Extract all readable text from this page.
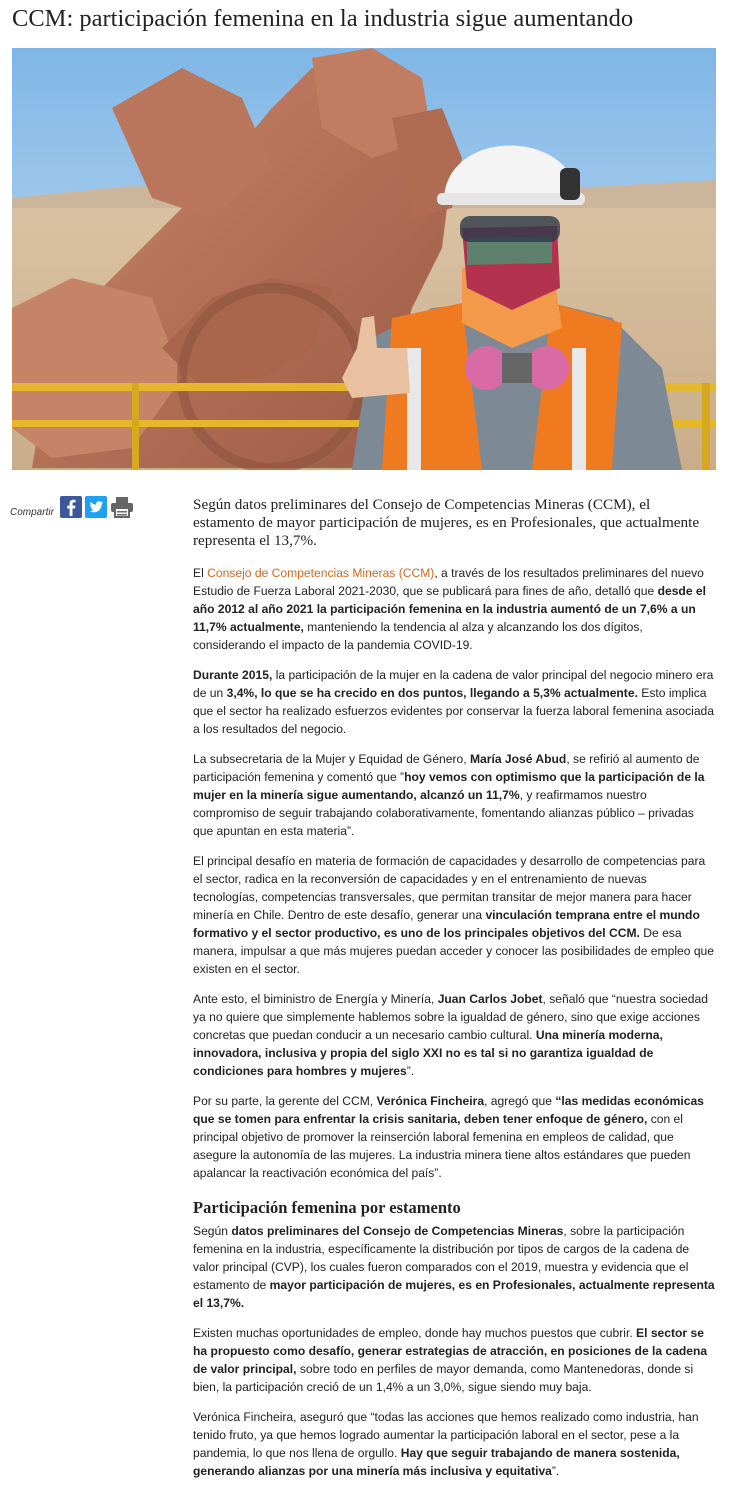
CCM: participación femenina en la industria sigue aumentando
Compartir	Según datos preliminares del Consejo de Competencias Mineras (CCM), el estamento de mayor participación de mujeres, es en Profesionales, que actualmente representa el 13,7%.

El Consejo de Competencias Mineras (CCM), a través de los resultados preliminares del nuevo Estudio de Fuerza Laboral 2021-2030, que se publicará para fines de año, detalló que desde el año 2012 al año 2021 la participación femenina en la industria aumentó de un 7,6% a un 11,7% actualmente, manteniendo la tendencia al alza y alcanzando los dos dígitos, considerando el impacto de la pandemia COVID-19.

Durante 2015, la participación de la mujer en la cadena de valor principal del negocio minero era de un 3,4%, lo que se ha crecido en dos puntos, llegando a 5,3% actualmente. Esto implica que el sector ha realizado esfuerzos evidentes por conservar la fuerza laboral femenina asociada a los resultados del negocio.

La subsecretaria de la Mujer y Equidad de Género, María José Abud, se refirió al aumento de participación femenina y comentó que ”hoy vemos con optimismo que la participación de la mujer en la minería sigue aumentando, alcanzó un 11,7%, y reafirmamos nuestro compromiso de seguir trabajando colaborativamente, fomentando alianzas público – privadas que apuntan en esta materia”.

El principal desafío en materia de formación de capacidades y desarrollo de competencias para el sector, radica en la reconversión de capacidades y en el entrenamiento de nuevas tecnologías, competencias transversales, que permitan transitar de mejor manera para hacer minería en Chile. Dentro de este desafío, generar una vinculación temprana entre el mundo formativo y el sector productivo, es uno de los principales objetivos del CCM. De esa manera, impulsar a que más mujeres puedan acceder y conocer las posibilidades de empleo que existen en el sector.

Ante esto, el biministro de Energía y Minería, Juan Carlos Jobet, señaló que “nuestra sociedad ya no quiere que simplemente hablemos sobre la igualdad de género, sino que exige acciones concretas que puedan conducir a un necesario cambio cultural. Una minería moderna, innovadora, inclusiva y propia del siglo XXI no es tal si no garantiza igualdad de condiciones para hombres y mujeres”.

Por su parte, la gerente del CCM, Verónica Fincheira, agregó que “las medidas económicas que se tomen para enfrentar la crisis sanitaria, deben tener enfoque de género, con el principal objetivo de promover la reinserción laboral femenina en empleos de calidad, que asegure la autonomía de las mujeres. La industria minera tiene altos estándares que pueden apalancar la reactivación económica del país”.

Participación femenina por estamento

Según datos preliminares del Consejo de Competencias Mineras, sobre la participación femenina en la industria, específicamente la distribución por tipos de cargos de la cadena de valor principal (CVP), los cuales fueron comparados con el 2019, muestra y evidencia que el estamento de mayor participación de mujeres, es en Profesionales, actualmente representa el 13,7%.

Existen muchas oportunidades de empleo, donde hay muchos puestos que cubrir. El sector se ha propuesto como desafío, generar estrategias de atracción, en posiciones de la cadena de valor principal, sobre todo en perfiles de mayor demanda, como Mantenedoras, donde si bien, la participación creció de un 1,4% a un 3,0%, sigue siendo muy baja.

Verónica Fincheira, aseguró que “todas las acciones que hemos realizado como industria, han tenido fruto, ya que hemos logrado aumentar la participación laboral en el sector, pese a la pandemia, lo que nos llena de orgullo. Hay que seguir trabajando de manera sostenida, generando alianzas por una minería más inclusiva y equitativa”.
